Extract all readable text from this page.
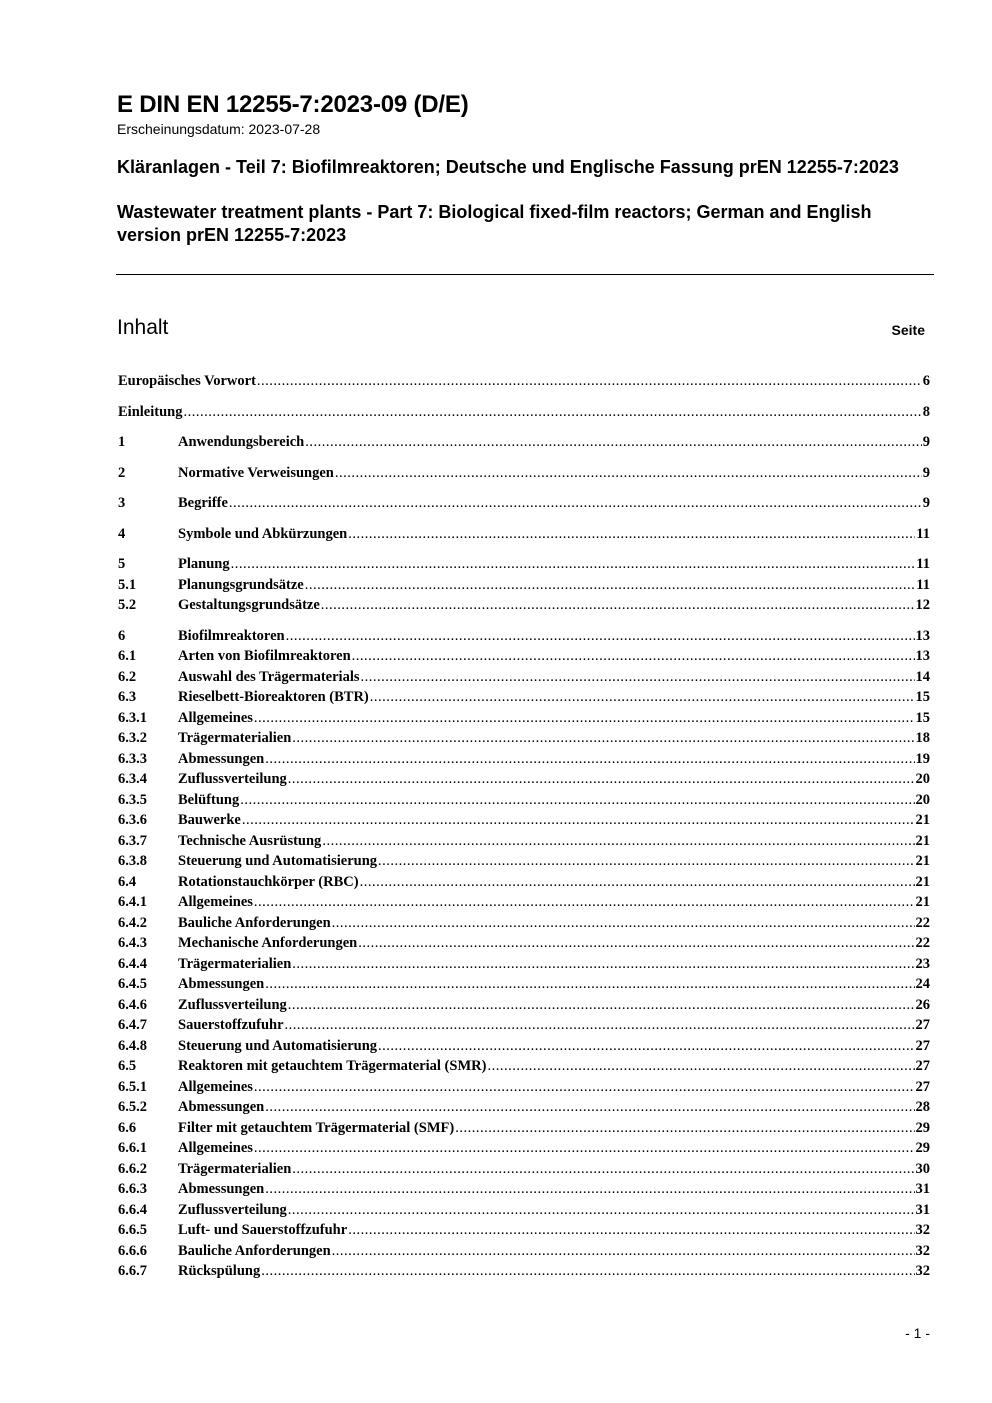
E DIN EN 12255-7:2023-09 (D/E)

Erscheinungsdatum: 2023-07-28

Kläranlagen - Teil 7: Biofilmreaktoren; Deutsche und Englische Fassung prEN 12255-7:2023

Wastewater treatment plants - Part 7: Biological fixed-film reactors; German and English version prEN 12255-7:2023

Inhalt	Seite
Europäisches Vorwort .....	6
Einleitung .....	8
1	Anwendungsbereich .....	9
2	Normative Verweisungen .....	9
3	Begriffe .....	9
4	Symbole und Abkürzungen .....	11
5	Planung .....	11
5.1	Planungsgrundsätze .....	11
5.2	Gestaltungsgrundsätze .....	12
6	Biofilmreaktoren .....	13
6.1	Arten von Biofilmreaktoren .....	13
6.2	Auswahl des Trägermaterials .....	14
6.3	Rieselbett-Bioreaktoren (BTR) .....	15
6.3.1	Allgemeines .....	15
6.3.2	Trägermaterialien .....	18
6.3.3	Abmessungen .....	19
6.3.4	Zuflussverteilung .....	20
6.3.5	Belüftung .....	20
6.3.6	Bauwerke .....	21
6.3.7	Technische Ausrüstung .....	21
6.3.8	Steuerung und Automatisierung .....	21
6.4	Rotationstauchkörper (RBC) .....	21
6.4.1	Allgemeines .....	21
6.4.2	Bauliche Anforderungen .....	22
6.4.3	Mechanische Anforderungen .....	22
6.4.4	Trägermaterialien .....	23
6.4.5	Abmessungen .....	24
6.4.6	Zuflussverteilung .....	26
6.4.7	Sauerstoffzufuhr .....	27
6.4.8	Steuerung und Automatisierung .....	27
6.5	Reaktoren mit getauchtem Trägermaterial (SMR) .....	27
6.5.1	Allgemeines .....	27
6.5.2	Abmessungen .....	28
6.6	Filter mit getauchtem Trägermaterial (SMF) .....	29
6.6.1	Allgemeines .....	29
6.6.2	Trägermaterialien .....	30
6.6.3	Abmessungen .....	31
6.6.4	Zuflussverteilung .....	31
6.6.5	Luft- und Sauerstoffzufuhr .....	32
6.6.6	Bauliche Anforderungen .....	32
6.6.7	Rückspülung .....	32
- 1 -
